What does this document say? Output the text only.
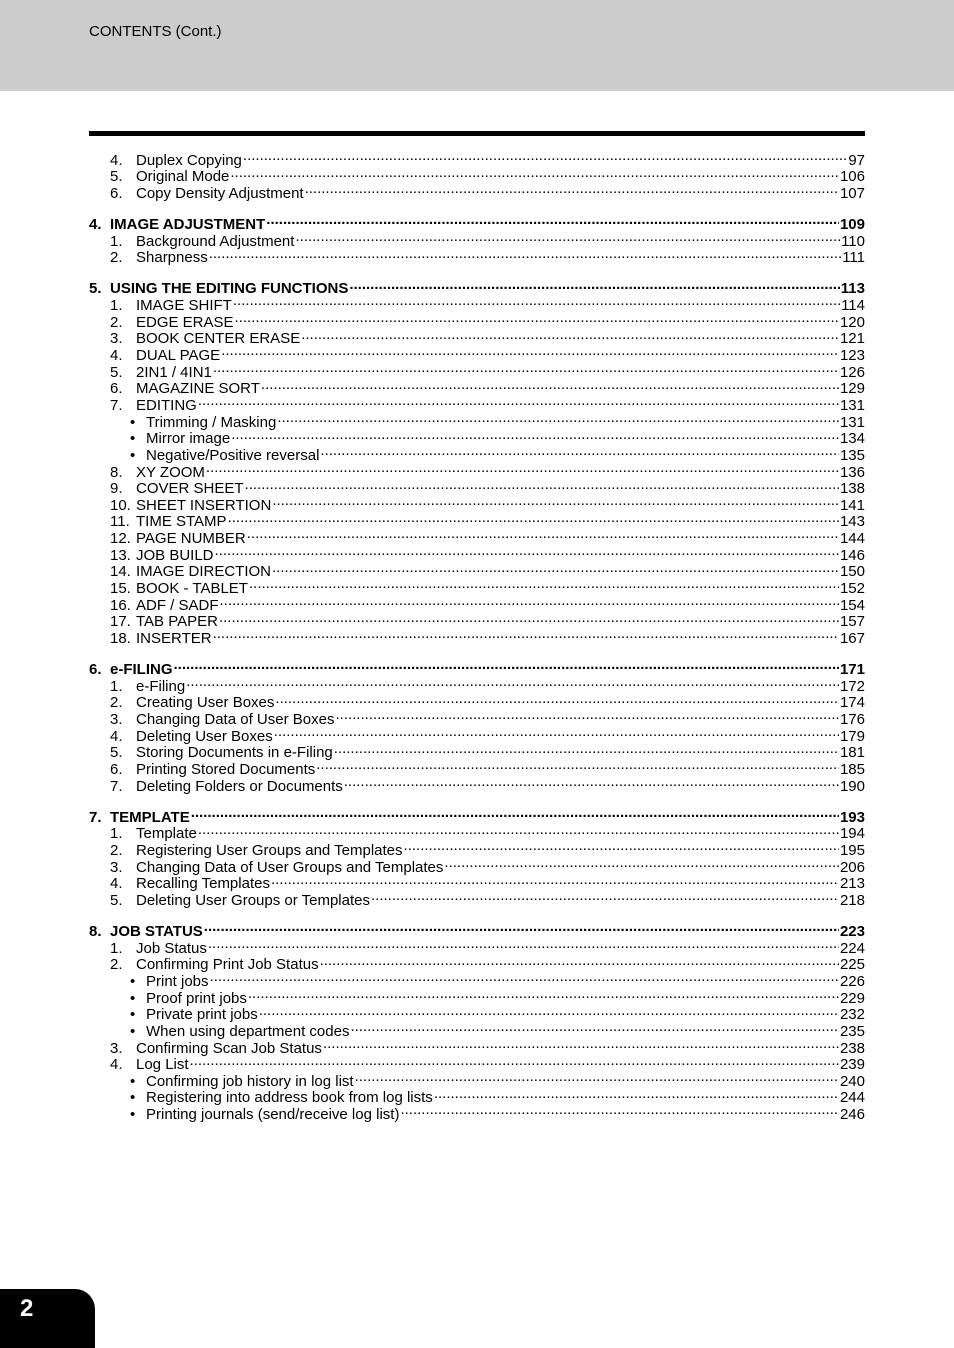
CONTENTS (Cont.)
4. Duplex Copying .....	97
5. Original Mode .....	106
6. Copy Density Adjustment .....	107
4. IMAGE ADJUSTMENT .....	109
1. Background Adjustment .....	110
2. Sharpness .....	111
5. USING THE EDITING FUNCTIONS .....	113
1. IMAGE SHIFT .....	114
2. EDGE ERASE .....	120
3. BOOK CENTER ERASE .....	121
4. DUAL PAGE .....	123
5. 2IN1 / 4IN1 .....	126
6. MAGAZINE SORT .....	129
7. EDITING .....	131
• Trimming / Masking .....	131
• Mirror image .....	134
• Negative/Positive reversal .....	135
8. XY ZOOM .....	136
9. COVER SHEET .....	138
10. SHEET INSERTION .....	141
11. TIME STAMP .....	143
12. PAGE NUMBER .....	144
13. JOB BUILD .....	146
14. IMAGE DIRECTION .....	150
15. BOOK - TABLET .....	152
16. ADF / SADF .....	154
17. TAB PAPER .....	157
18. INSERTER .....	167
6. e-FILING .....	171
1. e-Filing .....	172
2. Creating User Boxes .....	174
3. Changing Data of User Boxes .....	176
4. Deleting User Boxes .....	179
5. Storing Documents in e-Filing .....	181
6. Printing Stored Documents .....	185
7. Deleting Folders or Documents .....	190
7. TEMPLATE .....	193
1. Template .....	194
2. Registering User Groups and Templates .....	195
3. Changing Data of User Groups and Templates .....	206
4. Recalling Templates .....	213
5. Deleting User Groups or Templates .....	218
8. JOB STATUS .....	223
1. Job Status .....	224
2. Confirming Print Job Status .....	225
• Print jobs .....	226
• Proof print jobs .....	229
• Private print jobs .....	232
• When using department codes .....	235
3. Confirming Scan Job Status .....	238
4. Log List .....	239
• Confirming job history in log list .....	240
• Registering into address book from log lists .....	244
• Printing journals (send/receive log list) .....	246
2
